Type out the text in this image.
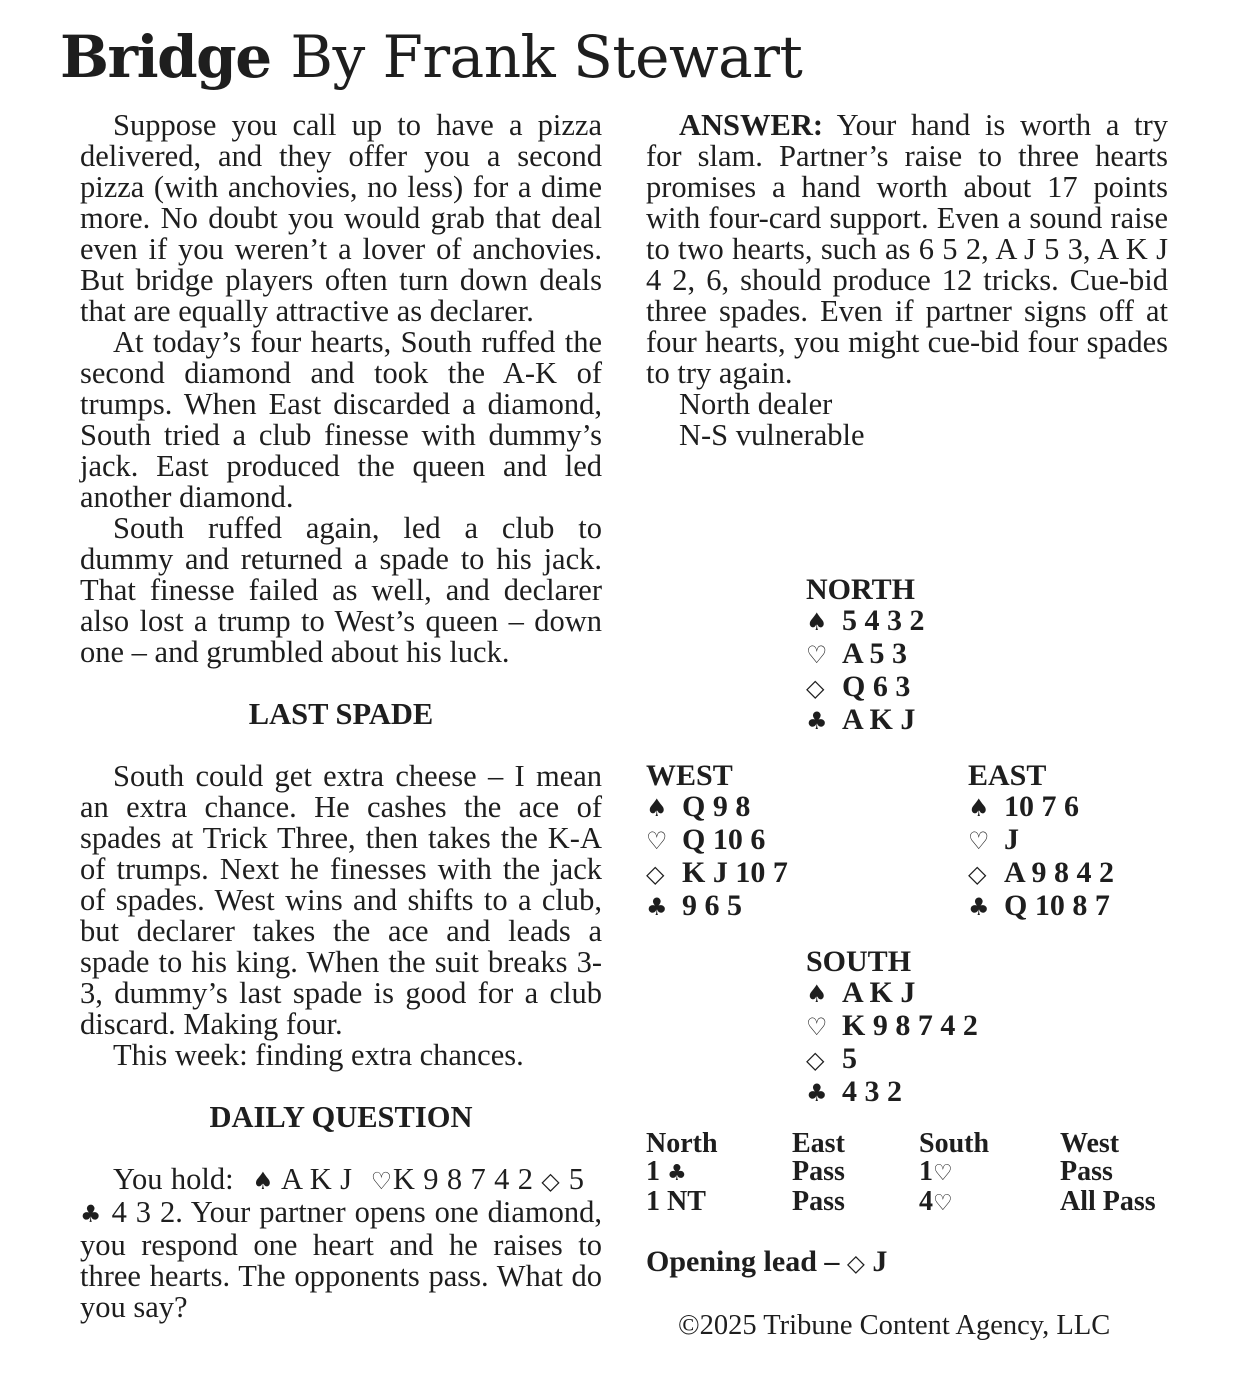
Bridge By Frank Stewart

Suppose you call up to have a pizza delivered, and they offer you a second pizza (with anchovies, no less) for a dime more. No doubt you would grab that deal even if you weren’t a lover of anchovies. But bridge players often turn down deals that are equally attractive as declarer.

At today’s four hearts, South ruffed the second diamond and took the A-K of trumps. When East discarded a diamond, South tried a club finesse with dummy’s jack. East produced the queen and led another diamond.

South ruffed again, led a club to dummy and returned a spade to his jack. That finesse failed as well, and declarer also lost a trump to West’s queen – down one – and grumbled about his luck.

LAST SPADE

South could get extra cheese – I mean an extra chance. He cashes the ace of spades at Trick Three, then takes the K-A of trumps. Next he finesses with the jack of spades. West wins and shifts to a club, but declarer takes the ace and leads a spade to his king. When the suit breaks 3-3, dummy’s last spade is good for a club discard. Making four.

This week: finding extra chances.

DAILY QUESTION

You hold: ♠ A K J ♡K 9 8 7 4 2 ◇ 5♣ 4 3 2. Your partner opens one diamond, you respond one heart and he raises to three hearts. The opponents pass. What do you say?

ANSWER: Your hand is worth a try for slam. Partner’s raise to three hearts promises a hand worth about 17 points with four-card support. Even a sound raise to two hearts, such as 6 5 2, A J 5 3, A K J 4 2, 6, should produce 12 tricks. Cue-bid three spades. Even if partner signs off at four hearts, you might cue-bid four spades to try again.

North dealer

N-S vulnerable

NORTH
♠ 5 4 3 2
♡ A 5 3
◇ Q 6 3
♣ A K J
WEST
♠ Q 9 8
♡ Q 10 6
◇ K J 10 7
♣ 9 6 5
EAST
♠ 10 7 6
♡ J
◇ A 9 8 4 2
♣ Q 10 8 7
SOUTH
♠ A K J
♡ K 9 8 7 4 2
◇ 5
♣ 4 3 2
North	East	South	West
1 ♣	Pass	1♡	Pass
1 NT	Pass	4♡	All Pass
Opening lead – ◇ J
©2025 Tribune Content Agency, LLC
